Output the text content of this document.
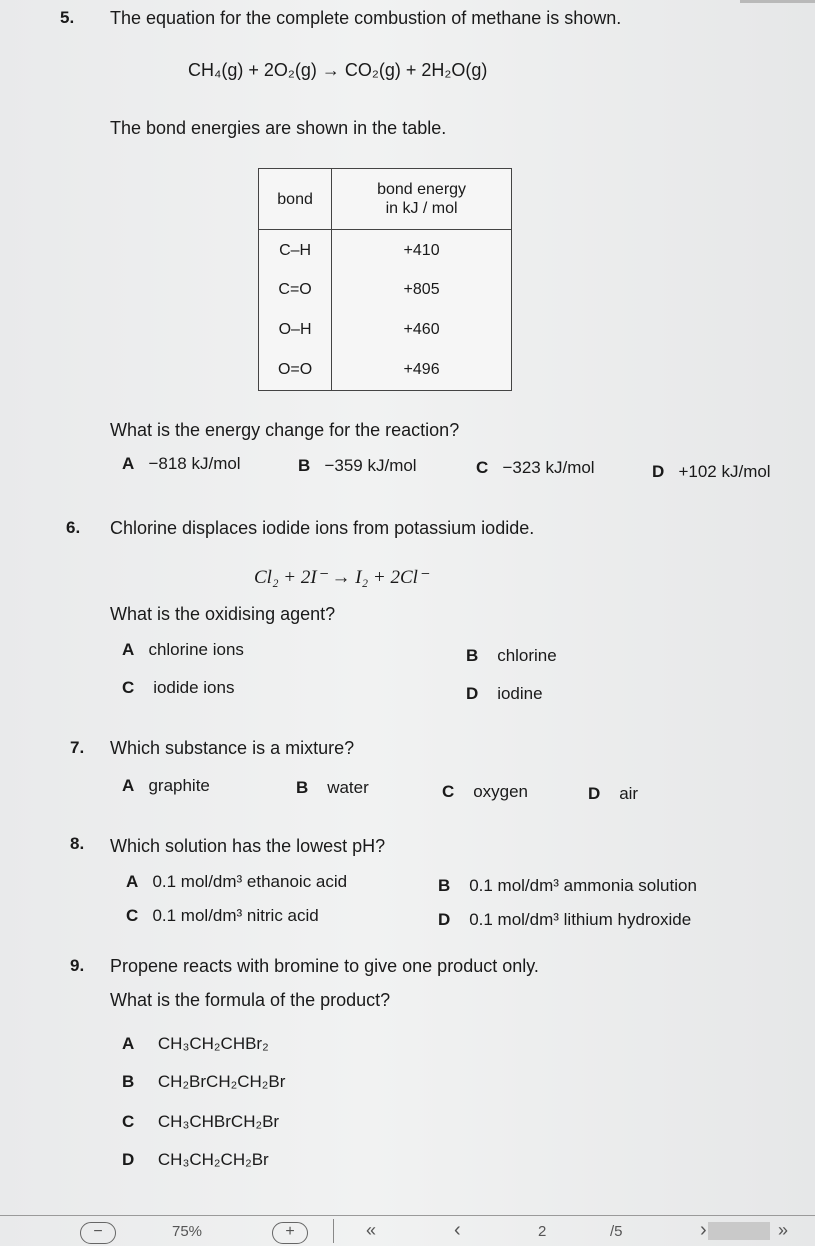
5. The equation for the complete combustion of methane is shown.
CH₄(g) + 2O₂(g) → CO₂(g) + 2H₂O(g)
The bond energies are shown in the table.
bond	bond energy
in kJ / mol
C–H	+410
C=O	+805
O–H	+460
O=O	+496
What is the energy change for the reaction?
A −818 kJ/mol	B −359 kJ/mol	C −323 kJ/mol	D +102 kJ/mol
6. Chlorine displaces iodide ions from potassium iodide.
Cl₂ + 2I⁻ → I₂ + 2Cl⁻
What is the oxidising agent?
A chlorine ions	B chlorine
C iodide ions	D iodine
7. Which substance is a mixture?
A graphite	B water	C oxygen	D air
8. Which solution has the lowest pH?
A 0.1 mol/dm³ ethanoic acid	B 0.1 mol/dm³ ammonia solution
C 0.1 mol/dm³ nitric acid	D 0.1 mol/dm³ lithium hydroxide
9. Propene reacts with bromine to give one product only.
What is the formula of the product?
A CH₃CH₂CHBr₂
B CH₂BrCH₂CH₂Br
C CH₃CHBrCH₂Br
D CH₃CH₂CH₂Br
−	75%	+	«	‹	2	/5	›	»
